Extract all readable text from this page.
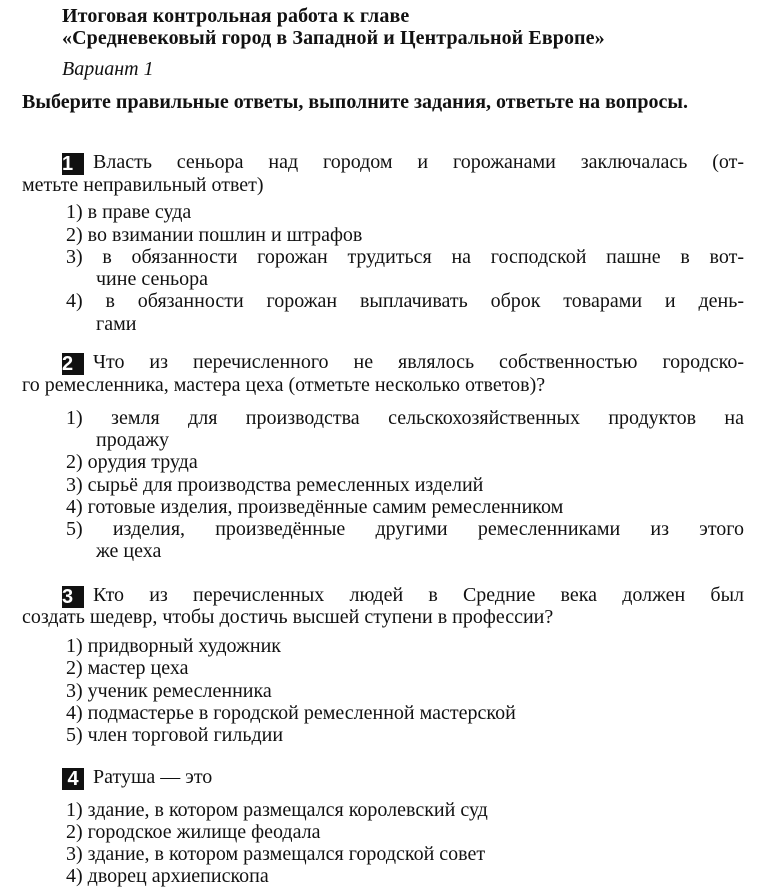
Итоговая контрольная работа к главе
«Средневековый город в Западной и Центральной Европе»
Вариант 1
Выберите правильные ответы, выполните задания, ответьте на вопросы.
1 Власть сеньора над городом и горожанами заключалась (от-
метьте неправильный ответ)
1) в праве суда
2) во взимании пошлин и штрафов
3) в обязанности горожан трудиться на господской пашне в вот-
чине сеньора
4) в обязанности горожан выплачивать оброк товарами и день-
гами
2 Что из перечисленного не являлось собственностью городско-
го ремесленника, мастера цеха (отметьте несколько ответов)?
1) земля для производства сельскохозяйственных продуктов на
продажу
2) орудия труда
3) сырьё для производства ремесленных изделий
4) готовые изделия, произведённые самим ремесленником
5) изделия, произведённые другими ремесленниками из этого
же цеха
3 Кто из перечисленных людей в Средние века должен был
создать шедевр, чтобы достичь высшей ступени в профессии?
1) придворный художник
2) мастер цеха
3) ученик ремесленника
4) подмастерье в городской ремесленной мастерской
5) член торговой гильдии
4 Ратуша — это
1) здание, в котором размещался королевский суд
2) городское жилище феодала
3) здание, в котором размещался городской совет
4) дворец архиепископа
